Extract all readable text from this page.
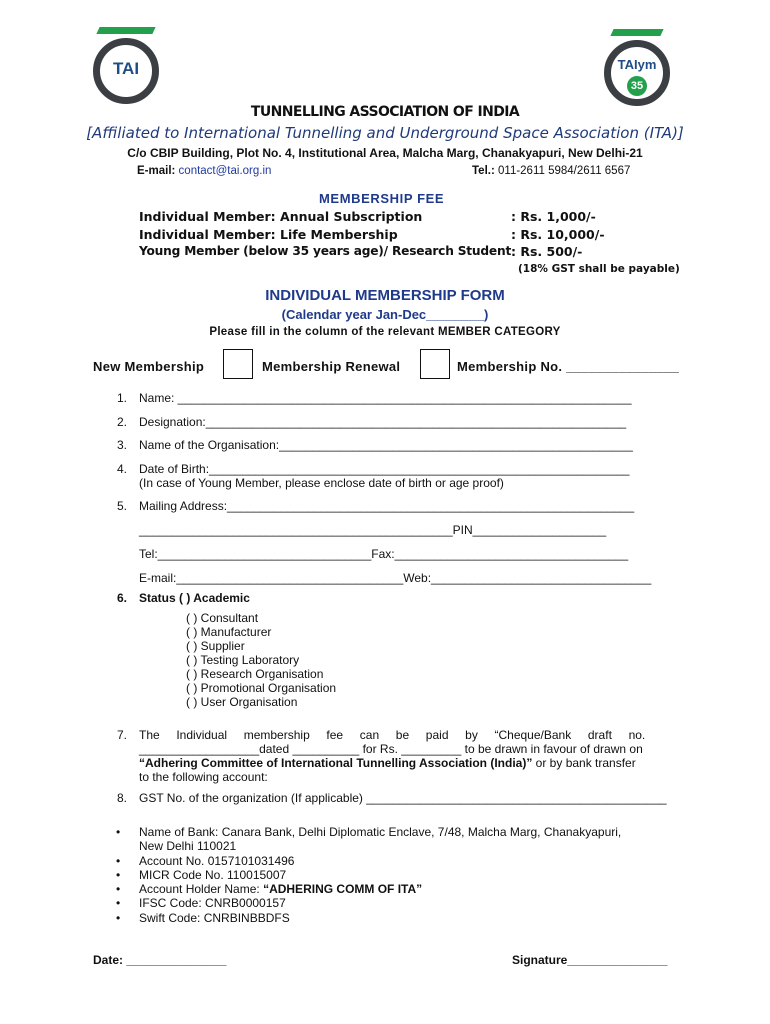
TAI	TAIym
35
TUNNELLING ASSOCIATION OF INDIA
[Affiliated to International Tunnelling and Underground Space Association (ITA)]
C/o CBIP Building, Plot No. 4, Institutional Area, Malcha Marg, Chanakyapuri, New Delhi-21
E-mail: contact@tai.org.in	Tel.: 011-2611 5984/2611 6567
MEMBERSHIP FEE
Individual Member: Annual Subscription	: Rs. 1,000/-
Individual Member: Life Membership	: Rs. 10,000/-
Young Member (below 35 years age)/ Research Student : Rs. 500/-
(18% GST shall be payable)
INDIVIDUAL MEMBERSHIP FORM
(Calendar year Jan-Dec________)
Please fill in the column of the relevant MEMBER CATEGORY
New Membership	Membership Renewal	Membership No. _______________
1. Name: ____________________________________________________________________
2. Designation:_______________________________________________________________
3. Name of the Organisation:_____________________________________________________
4. Date of Birth:_______________________________________________________________
(In case of Young Member, please enclose date of birth or age proof)
5. Mailing Address:_____________________________________________________________
_______________________________________________PIN____________________
Tel:________________________________Fax:___________________________________
E-mail:__________________________________Web:_________________________________
6. Status ( ) Academic
( ) Consultant
( ) Manufacturer
( ) Supplier
( ) Testing Laboratory
( ) Research Organisation
( ) Promotional Organisation
( ) User Organisation
7. The     Individual     membership     fee     can     be     paid     by     “Cheque/Bank     draft     no.
__________________dated __________ for Rs. _________ to be drawn in favour of drawn on
“Adhering Committee of International Tunnelling Association (India)” or by bank transfer
to the following account:
8. GST No. of the organization (If applicable) _____________________________________________
• Name of Bank: Canara Bank, Delhi Diplomatic Enclave, 7/48, Malcha Marg, Chanakyapuri,
New Delhi 110021
• Account No. 0157101031496
• MICR Code No. 110015007
• Account Holder Name: “ADHERING COMM OF ITA”
• IFSC Code: CNRB0000157
• Swift Code: CNRBINBBDFS
Date: _______________	Signature_______________
